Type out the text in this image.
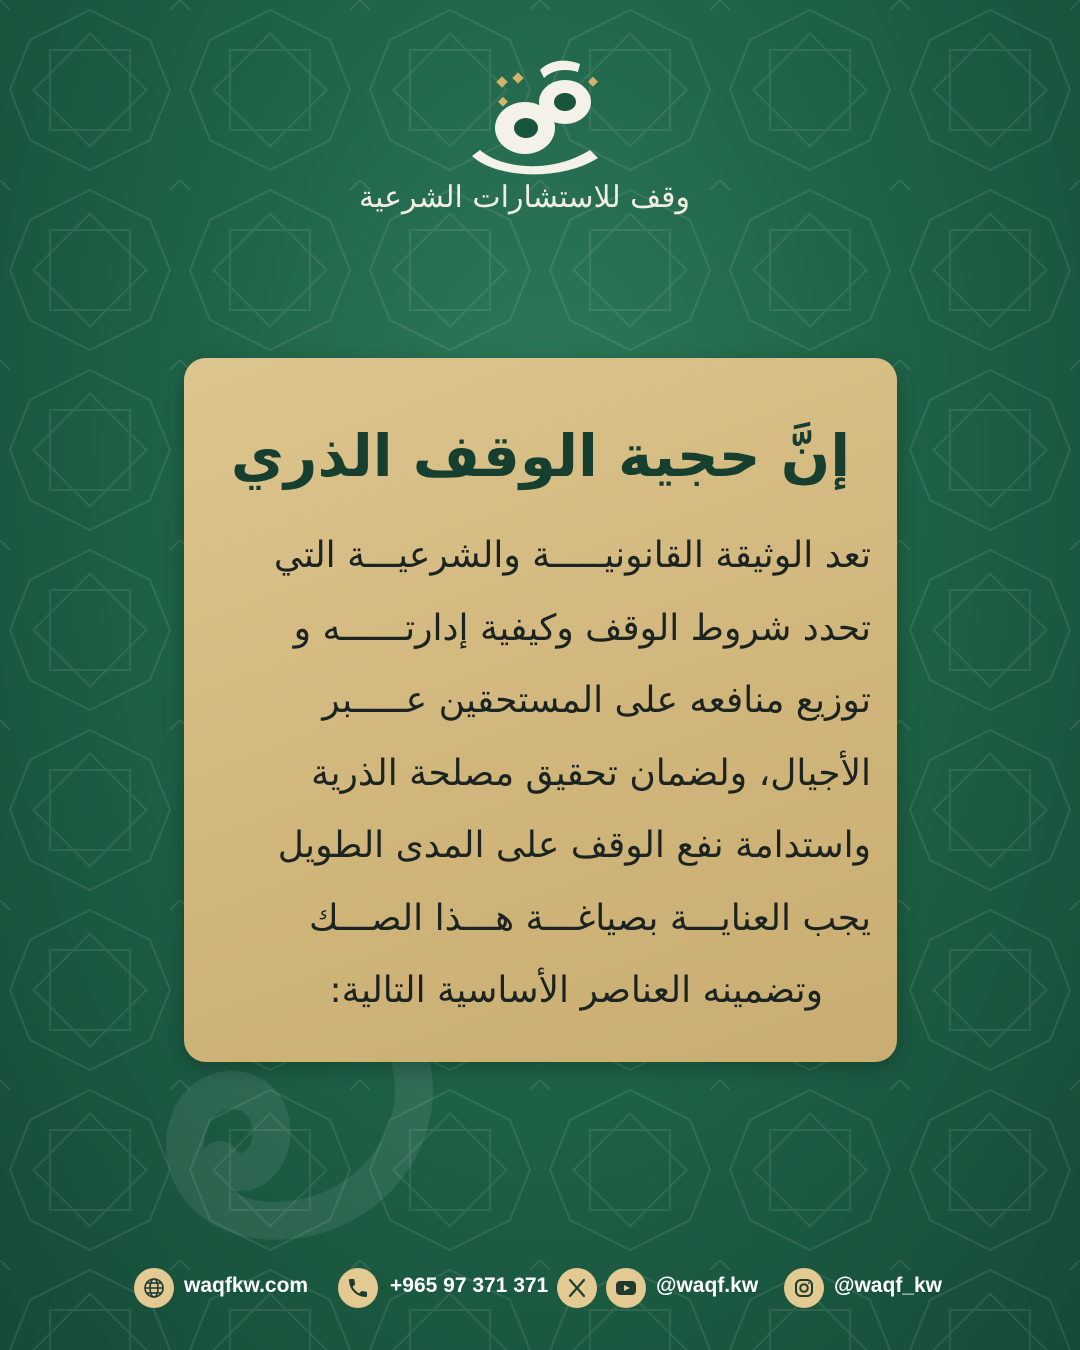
وقف للاستشارات الشرعية
إنَّ حجية الوقف الذري

تعد الوثيقة القانونيـــــة والشرعيـــة التي
تحدد شروط الوقف وكيفية إدارتــــــه و
توزيع منافعه على المستحقين عـــــبر
الأجيال، ولضمان تحقيق مصلحة الذرية
واستدامة نفع الوقف على المدى الطويل
يجب العنايـــة بصياغـــة هـــذا الصـــك
وتضمينه العناصر الأساسية التالية:

waqfkw.com	+965 97 371 371	@waqf.kw	@waqf_kw
